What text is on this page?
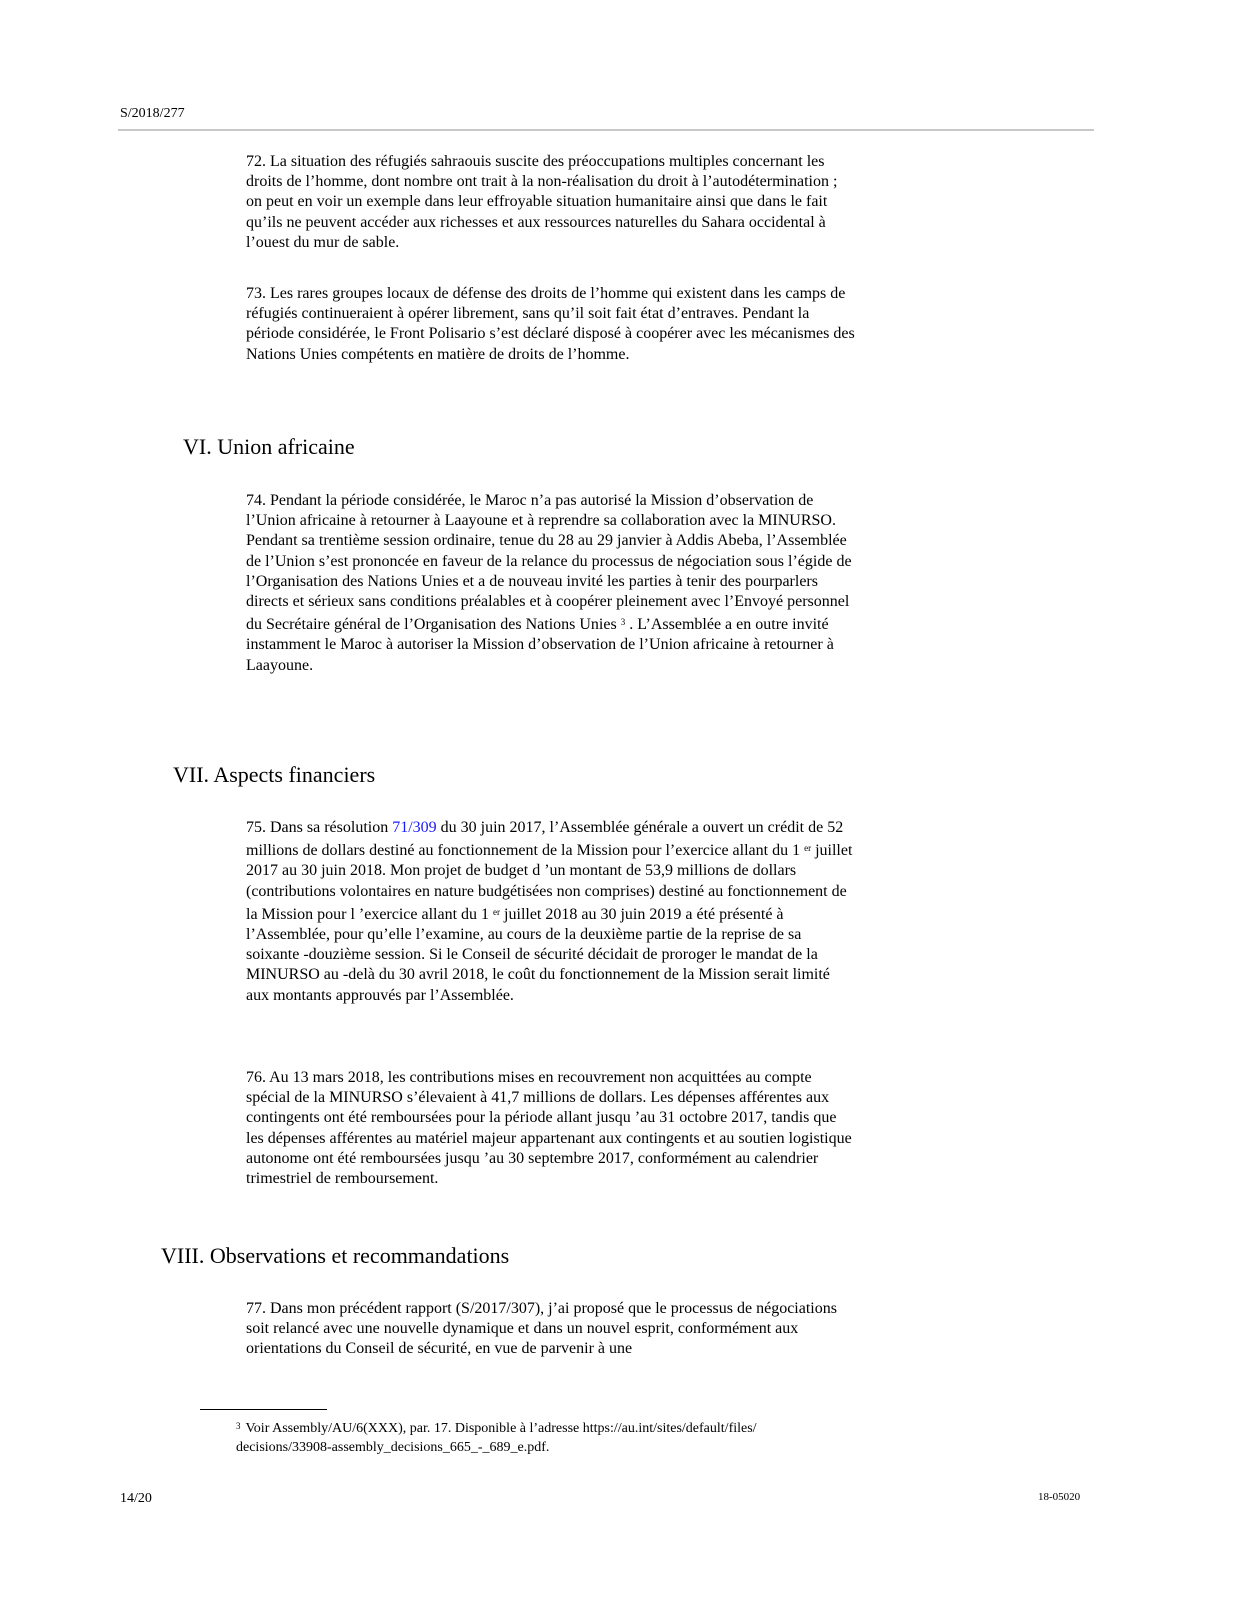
S/2018/277

72. La situation des réfugiés sahraouis suscite des préoccupations multiples concernant les droits de l’homme, dont nombre ont trait à la non-réalisation du droit à l’autodétermination ; on peut en voir un exemple dans leur effroyable situation humanitaire ainsi que dans le fait qu’ils ne peuvent accéder aux richesses et aux ressources naturelles du Sahara occidental à l’ouest du mur de sable.

73. Les rares groupes locaux de défense des droits de l’homme qui existent dans les camps de réfugiés continueraient à opérer librement, sans qu’il soit fait état d’entraves. Pendant la période considérée, le Front Polisario s’est déclaré disposé à coopérer avec les mécanismes des Nations Unies compétents en matière de droits de l’homme.

VI. Union africaine

74. Pendant la période considérée, le Maroc n’a pas autorisé la Mission d’observation de l’Union africaine à retourner à Laayoune et à reprendre sa collaboration avec la MINURSO. Pendant sa trentième session ordinaire, tenue du 28 au 29 janvier à Addis Abeba, l’Assemblée de l’Union s’est prononcée en faveur de la relance du processus de négociation sous l’égide de l’Organisation des Nations Unies et a de nouveau invité les parties à tenir des pourparlers directs et sérieux sans conditions préalables et à coopérer pleinement avec l’Envoyé personnel du Secrétaire général de l’Organisation des Nations Unies $^3$ . L’Assemblée a en outre invité instamment le Maroc à autoriser la Mission d’observation de l’Union africaine à retourner à Laayoune.

VII. Aspects financiers

75. Dans sa résolution 71/309 du 30 juin 2017, l’Assemblée générale a ouvert un crédit de 52 millions de dollars destiné au fonctionnement de la Mission pour l’exercice allant du 1 $^{er}$ juillet 2017 au 30 juin 2018. Mon projet de budget d ’un montant de 53,9 millions de dollars (contributions volontaires en nature budgétisées non comprises) destiné au fonctionnement de la Mission pour l ’exercice allant du 1 $^{er}$ juillet 2018 au 30 juin 2019 a été présenté à l’Assemblée, pour qu’elle l’examine, au cours de la deuxième partie de la reprise de sa soixante -douzième session. Si le Conseil de sécurité décidait de proroger le mandat de la MINURSO au -delà du 30 avril 2018, le coût du fonctionnement de la Mission serait limité aux montants approuvés par l’Assemblée.

76. Au 13 mars 2018, les contributions mises en recouvrement non acquittées au compte spécial de la MINURSO s’élevaient à 41,7 millions de dollars. Les dépenses afférentes aux contingents ont été remboursées pour la période allant jusqu ’au 31 octobre 2017, tandis que les dépenses afférentes au matériel majeur appartenant aux contingents et au soutien logistique autonome ont été remboursées jusqu ’au 30 septembre 2017, conformément au calendrier trimestriel de remboursement.

VIII. Observations et recommandations

77. Dans mon précédent rapport (S/2017/307), j’ai proposé que le processus de négociations soit relancé avec une nouvelle dynamique et dans un nouvel esprit, conformément aux orientations du Conseil de sécurité, en vue de parvenir à une

$^3$ Voir Assembly/AU/6(XXX), par. 17. Disponible à l’adresse https://au.int/sites/default/files/ decisions/33908-assembly_decisions_665_-_689_e.pdf.
14/20	18-05020
